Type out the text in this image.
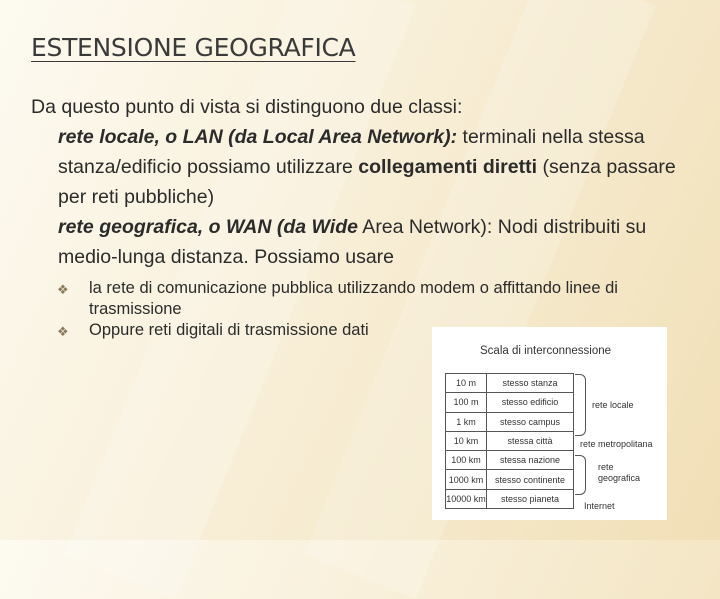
ESTENSIONE GEOGRAFICA
Da questo punto di vista si distinguono due classi:
rete locale, o LAN (da Local Area Network): terminali nella stessa stanza/edificio possiamo utilizzare collegamenti diretti (senza passare per reti pubbliche)
rete geografica, o WAN (da Wide Area Network): Nodi distribuiti su medio-lunga distanza. Possiamo usare
❖	la rete di comunicazione pubblica utilizzando modem o affittando linee di trasmissione
❖	Oppure reti digitali di trasmissione dati
Scala di interconnessione
10 m	stesso stanza
100 m	stesso edificio
1 km	stesso campus
10 km	stessa città
100 km	stessa nazione
1000 km	stesso continente
10000 km	stesso pianeta
rete locale
rete metropolitana
rete
geografica
Internet
